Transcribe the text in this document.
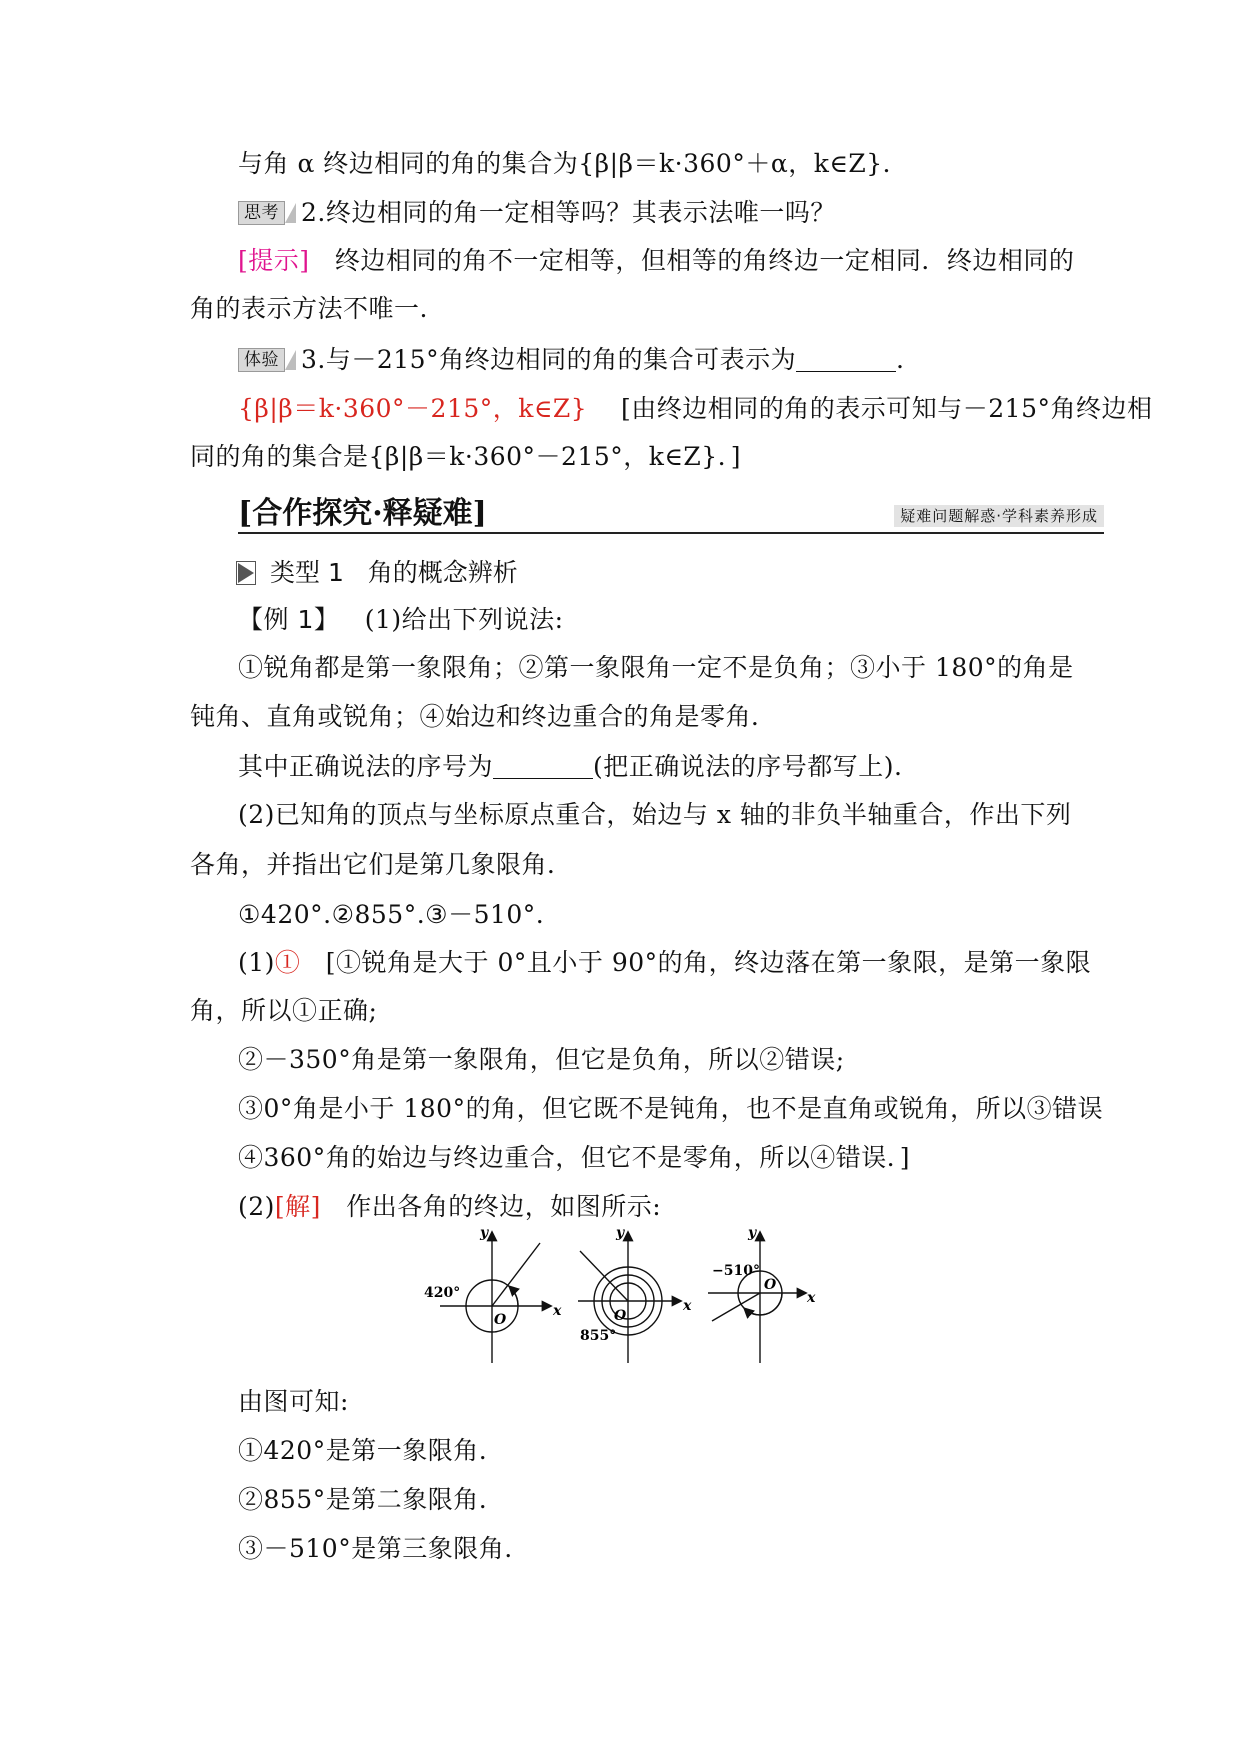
与角 α 终边相同的角的集合为{β|β＝k·360°＋α，k∈Z}．
思考 2.终边相同的角一定相等吗？其表示法唯一吗？
[提示] 终边相同的角不一定相等，但相等的角终边一定相同．终边相同的
角的表示方法不唯一.
体验 3.与－215°角终边相同的角的集合可表示为	．
{β|β＝k·360°－215°，k∈Z} [由终边相同的角的表示可知与－215°角终边相
同的角的集合是{β|β＝k·360°－215°，k∈Z}．]
[合作探究·释疑难]	疑难问题解惑·学科素养形成
类型 1 角的概念辨析
【例 1】 (1)给出下列说法:
①锐角都是第一象限角；②第一象限角一定不是负角；③小于 180°的角是
钝角、直角或锐角；④始边和终边重合的角是零角．
其中正确说法的序号为	(把正确说法的序号都写上).
(2)已知角的顶点与坐标原点重合，始边与 x 轴的非负半轴重合，作出下列
各角，并指出它们是第几象限角．
①420°.②855°.③－510°.
(1)① [①锐角是大于 0°且小于 90°的角，终边落在第一象限，是第一象限
角，所以①正确;
②－350°角是第一象限角，但它是负角，所以②错误;
③0°角是小于 180°的角，但它既不是钝角，也不是直角或锐角，所以③错误
④360°角的始边与终边重合，但它不是零角，所以④错误．]
(2)[解] 作出各角的终边，如图所示:
420°
y
x
O
855°
y
x
O
−510°
y
x
O
由图可知:
①420°是第一象限角.
②855°是第二象限角.
③－510°是第三象限角.
